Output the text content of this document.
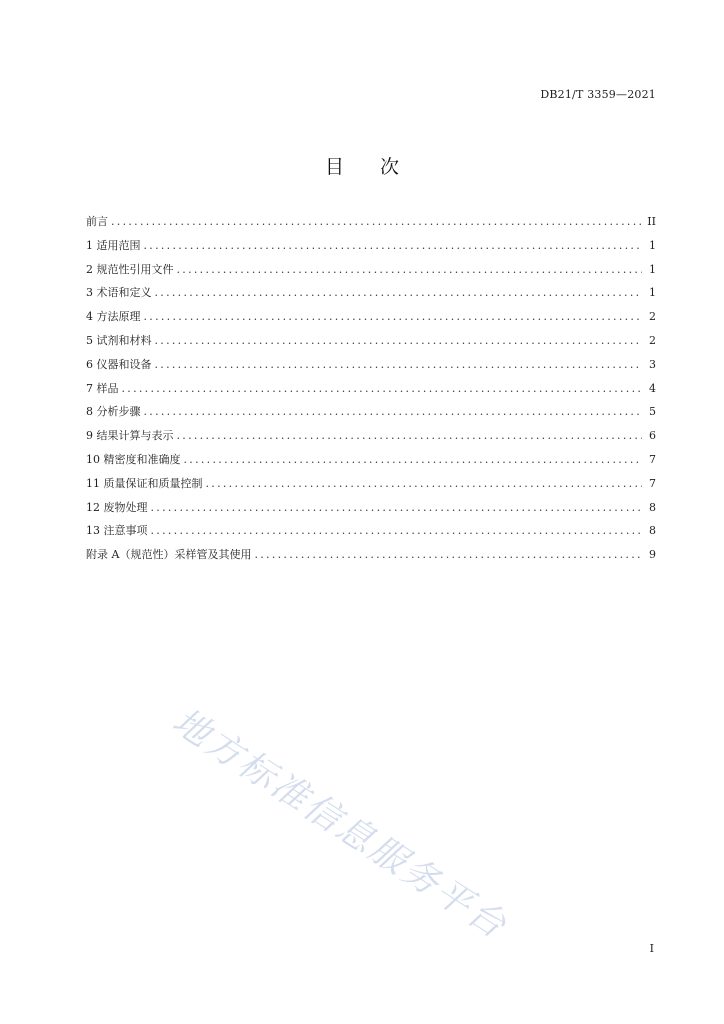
DB21/T 3359—2021
目 次
前言 .....	II
1 适用范围 .....	1
2 规范性引用文件 .....	1
3 术语和定义 .....	1
4 方法原理 .....	2
5 试剂和材料 .....	2
6 仪器和设备 .....	3
7 样品 .....	4
8 分析步骤 .....	5
9 结果计算与表示 .....	6
10 精密度和准确度 .....	7
11 质量保证和质量控制 .....	7
12 废物处理 .....	8
13 注意事项 .....	8
附录 A（规范性）采样管及其使用 .....	9
地方标准信息服务平台
I
